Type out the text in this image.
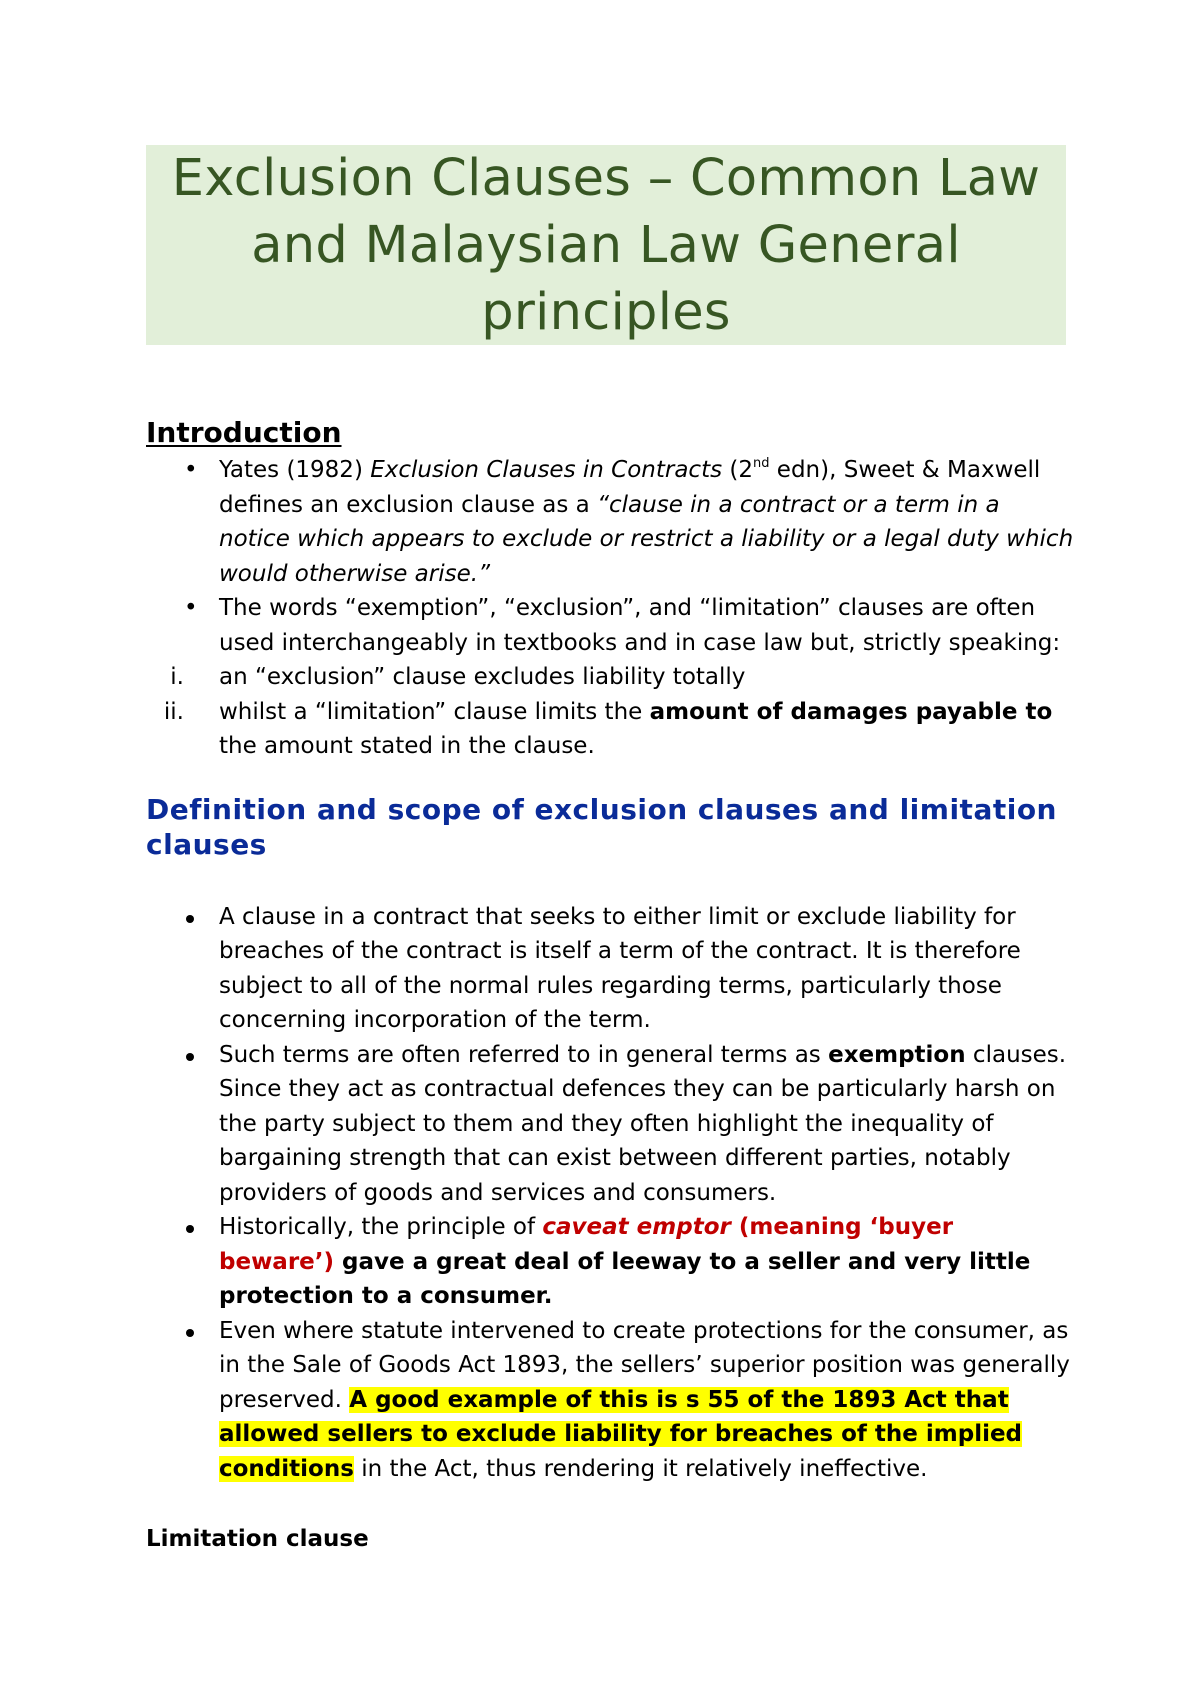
Exclusion Clauses – Common Law and Malaysian Law General principles
Introduction
• Yates (1982) Exclusion Clauses in Contracts (2nd edn), Sweet & Maxwell defines an exclusion clause as a “clause in a contract or a term in a notice which appears to exclude or restrict a liability or a legal duty which would otherwise arise.”
• The words “exemption”, “exclusion”, and “limitation” clauses are often used interchangeably in textbooks and in case law but, strictly speaking:
i. an “exclusion” clause excludes liability totally
ii. whilst a “limitation” clause limits the amount of damages payable to the amount stated in the clause.
Definition and scope of exclusion clauses and limitation clauses
A clause in a contract that seeks to either limit or exclude liability for breaches of the contract is itself a term of the contract. It is therefore subject to all of the normal rules regarding terms, particularly those concerning incorporation of the term.
Such terms are often referred to in general terms as exemption clauses. Since they act as contractual defences they can be particularly harsh on the party subject to them and they often highlight the inequality of bargaining strength that can exist between different parties, notably providers of goods and services and consumers.
Historically, the principle of caveat emptor (meaning ‘buyer beware’) gave a great deal of leeway to a seller and very little protection to a consumer.
Even where statute intervened to create protections for the consumer, as in the Sale of Goods Act 1893, the sellers’ superior position was generally preserved. A good example of this is s 55 of the 1893 Act that allowed sellers to exclude liability for breaches of the implied conditions in the Act, thus rendering it relatively ineffective.
Limitation clause
